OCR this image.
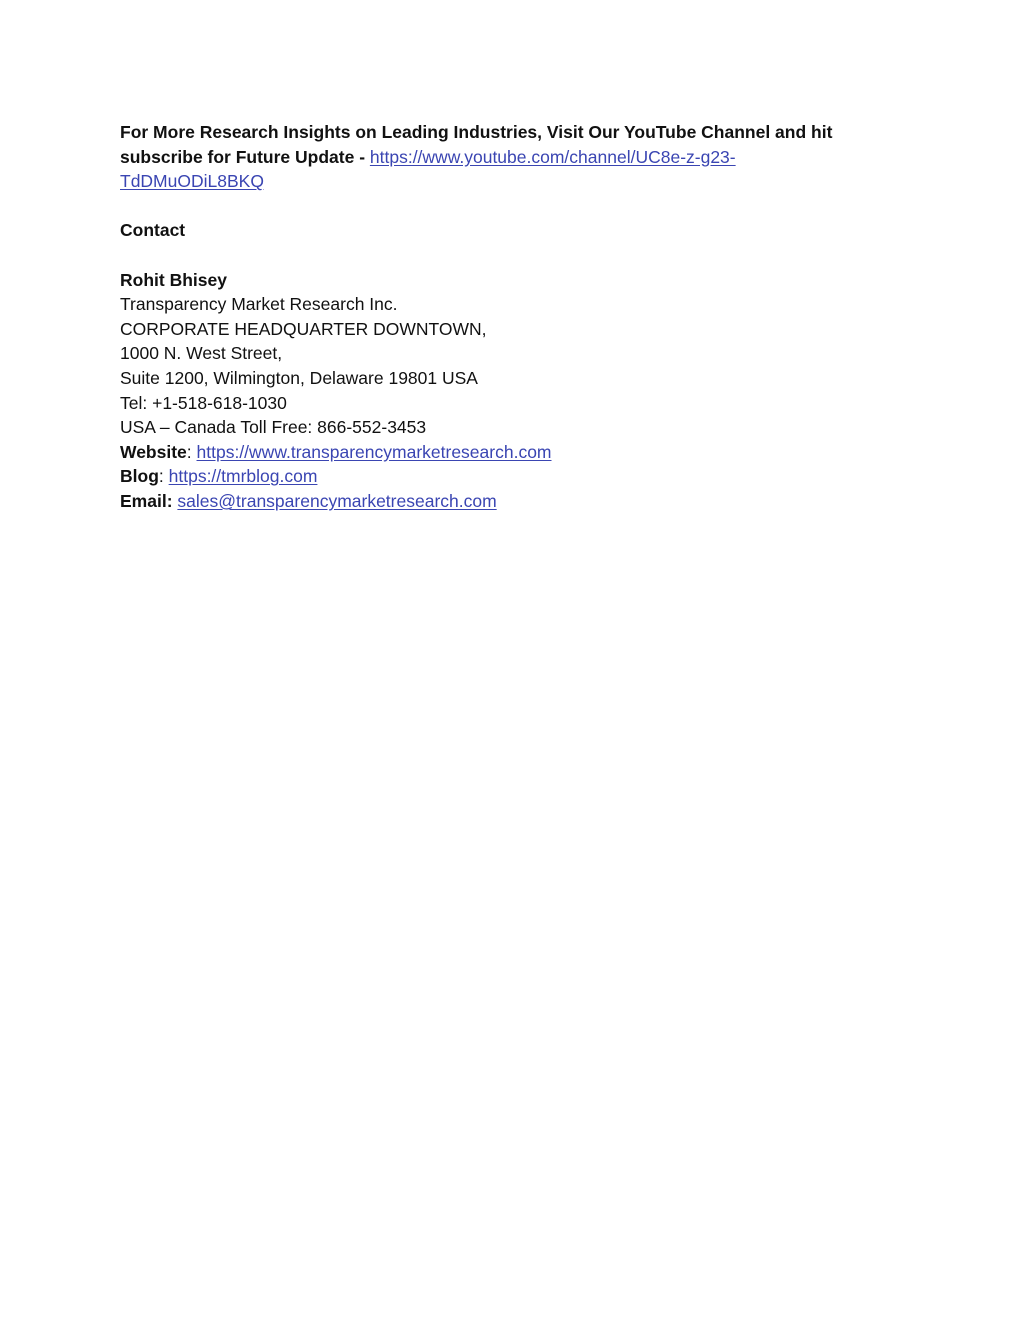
For More Research Insights on Leading Industries, Visit Our YouTube Channel and hit subscribe for Future Update - https://www.youtube.com/channel/UC8e-z-g23-TdDMuODiL8BKQ

Contact
Rohit Bhisey
Transparency Market Research Inc.
CORPORATE HEADQUARTER DOWNTOWN,
1000 N. West Street,
Suite 1200, Wilmington, Delaware 19801 USA
Tel: +1-518-618-1030
USA – Canada Toll Free: 866-552-3453
Website: https://www.transparencymarketresearch.com
Blog: https://tmrblog.com
Email: sales@transparencymarketresearch.com
